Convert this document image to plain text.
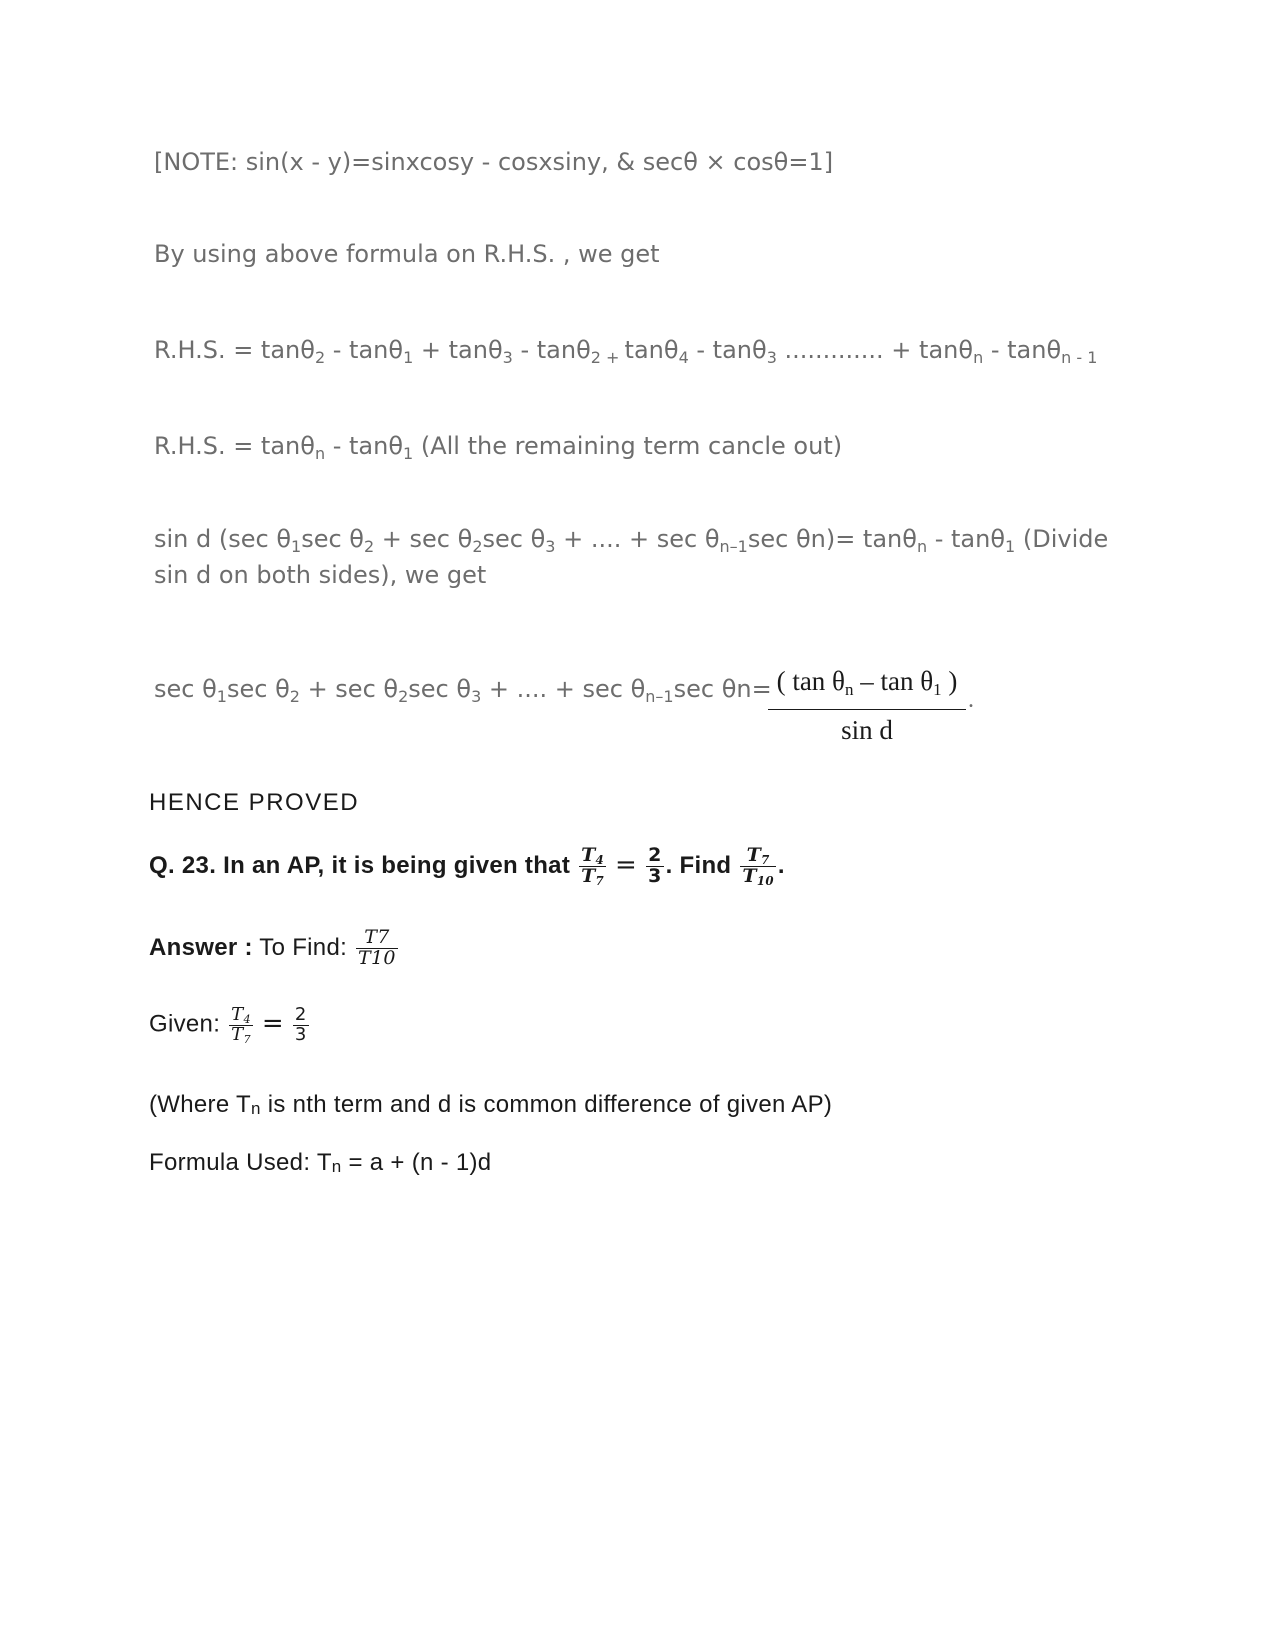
[NOTE: sin(x - y)=sinxcosy - cosxsiny, & secθ × cosθ=1]
By using above formula on R.H.S. , we get
R.H.S. = tanθ$_2$ - tanθ$_1$ + tanθ$_3$ - tanθ$_2$ $_+$ tanθ$_4$ - tanθ$_3$ ............. + tanθ$_n$ - tanθ$_{n - 1}$
R.H.S. = tanθ$_n$ - tanθ$_1$ (All the remaining term cancle out)
sin d (sec $\theta_1\sec$ $\theta_2 + \sec \theta_2\sec$ $\theta_3$ + .... + $\sec \theta_{n-1}\sec$ θn)= tanθ$_n$ - tanθ$_1$ (Divide
sin d on both sides), we get
$\sec \theta_1\sec$ $\theta_2 + \sec \theta_2\sec$ $\theta_3$ + .... + $\sec \theta_{n-1}\sec$ θn= ( $\tan \theta_n$ – $\tan \theta_1$ )
sin d
.
HENCE PROVED
Q. 23. In an AP, it is being given that $\frac{T_4}{T_7} = \frac{2}{3}$ . Find $\frac{T_7}{T_{10}}$ .
Answer : To Find: $\frac{T7}{T10}$
Given: $\frac{T_4}{T_7} = \frac{2}{3}$
(Where Tn is nth term and d is common difference of given AP)
Formula Used: Tn = a + (n - 1)d
